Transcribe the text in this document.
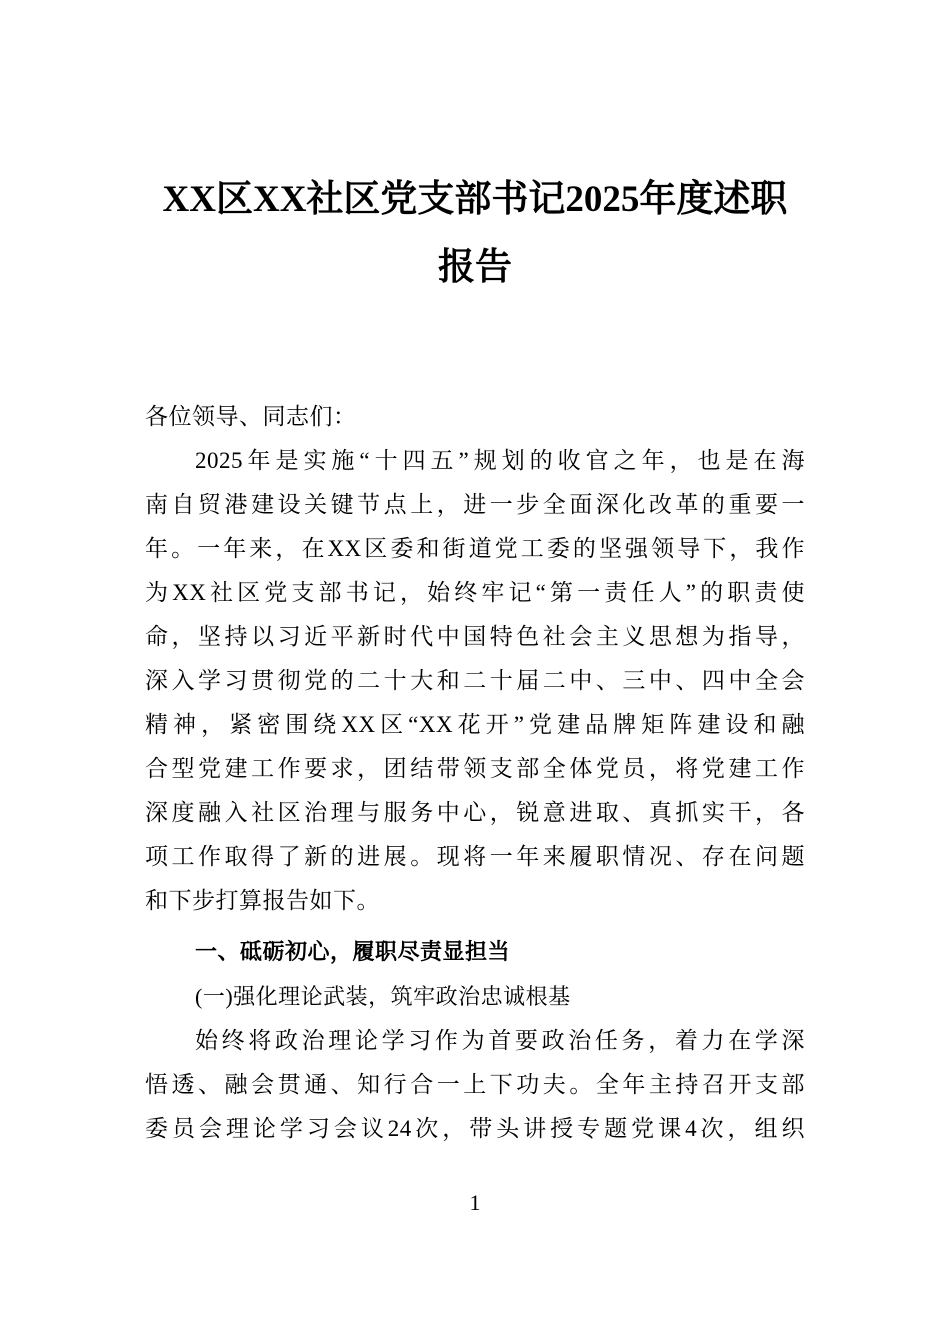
XX区XX社区党支部书记2025年度述职
报告
各位领导、同志们：
2025年是实施“十四五”规划的收官之年，也是在海
南自贸港建设关键节点上，进一步全面深化改革的重要一
年。一年来，在XX区委和街道党工委的坚强领导下，我作
为XX社区党支部书记，始终牢记“第一责任人”的职责使
命，坚持以习近平新时代中国特色社会主义思想为指导，
深入学习贯彻党的二十大和二十届二中、三中、四中全会
精神，紧密围绕XX区“XX花开”党建品牌矩阵建设和融
合型党建工作要求，团结带领支部全体党员，将党建工作
深度融入社区治理与服务中心，锐意进取、真抓实干，各
项工作取得了新的进展。现将一年来履职情况、存在问题
和下步打算报告如下。
一、砥砺初心，履职尽责显担当
(一)强化理论武装，筑牢政治忠诚根基
始终将政治理论学习作为首要政治任务，着力在学深
悟透、融会贯通、知行合一上下功夫。全年主持召开支部
委员会理论学习会议24次，带头讲授专题党课4次，组织
1
